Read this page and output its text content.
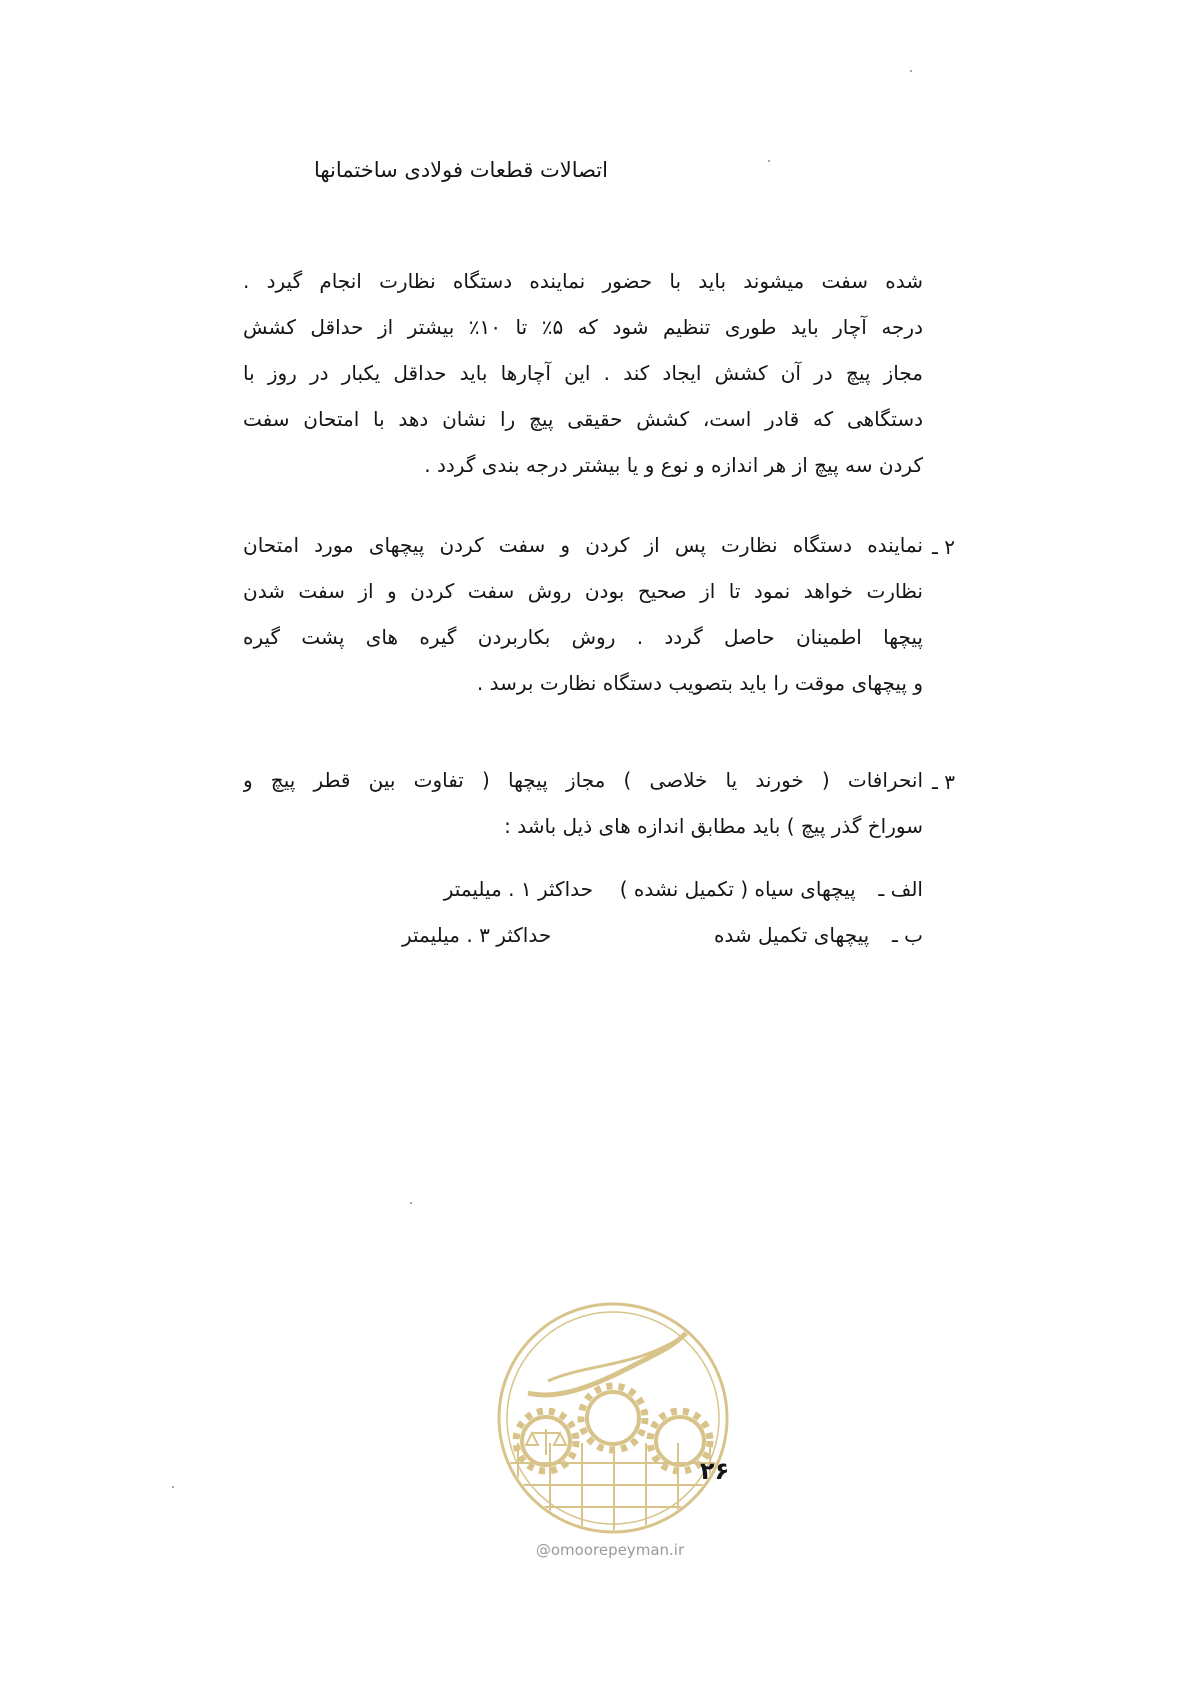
اتصالات قطعات فولادی ساختمانها
شده سفت میشوند باید با حضور نماینده دستگاه نظارت انجام گیرد .
درجه آچار باید طوری تنظیم شود که ۵٪ تا ۱۰٪ بیشتر از حداقل کشش
مجاز پیچ در آن کشش ایجاد کند . این آچارها باید حداقل یکبار در روز با
دستگاهی که قادر است، کشش حقیقی پیچ را نشان دهد با امتحان سفت
کردن سه پیچ از هر اندازه و نوع و یا بیشتر درجه بندی گردد .
۲ ـ
نماینده دستگاه نظارت پس از کردن و سفت کردن پیچهای مورد امتحان
نظارت خواهد نمود تا از صحیح بودن روش سفت کردن و از سفت شدن
پیچها اطمینان حاصل گردد . روش بکاربردن گیره های پشت گیره
و پیچهای موقت را باید بتصویب دستگاه نظارت برسد .
۳ ـ
انحرافات ( خورند یا خلاصی ) مجاز پیچها ( تفاوت بین قطر پیچ و
سوراخ گذر پیچ ) باید مطابق اندازه های ذیل باشد :
الف ـ  پیچهای سیاه ( تکمیل نشده )  حداکثر ۱ . میلیمتر
ب ـ  پیچهای تکمیل شده  حداکثر ۳ . میلیمتر
۲۶
@omoorepeyman.ir
